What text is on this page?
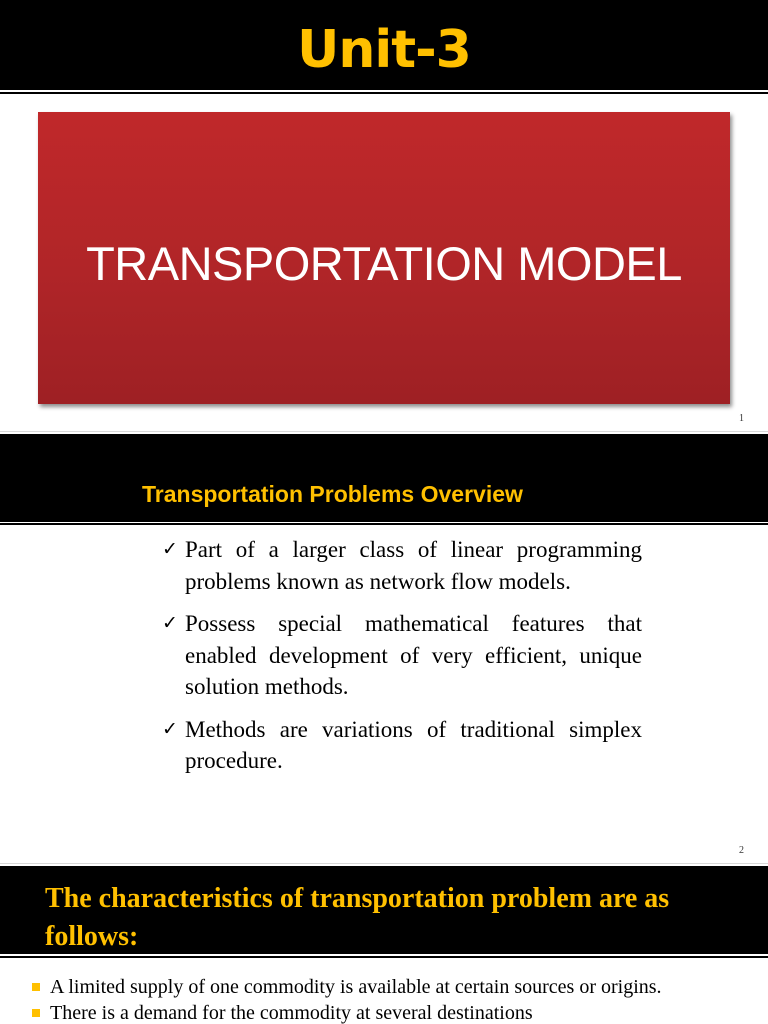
Unit-3
TRANSPORTATION MODEL
1
Transportation Problems Overview
✓ Part of a larger class of linear programming problems known as network flow models.
✓ Possess special mathematical features that enabled development of very efficient, unique solution methods.
✓ Methods are variations of traditional simplex procedure.
2
The characteristics of transportation problem are as follows:
A limited supply of one commodity is available at certain sources or origins.
There is a demand for the commodity at several destinations
